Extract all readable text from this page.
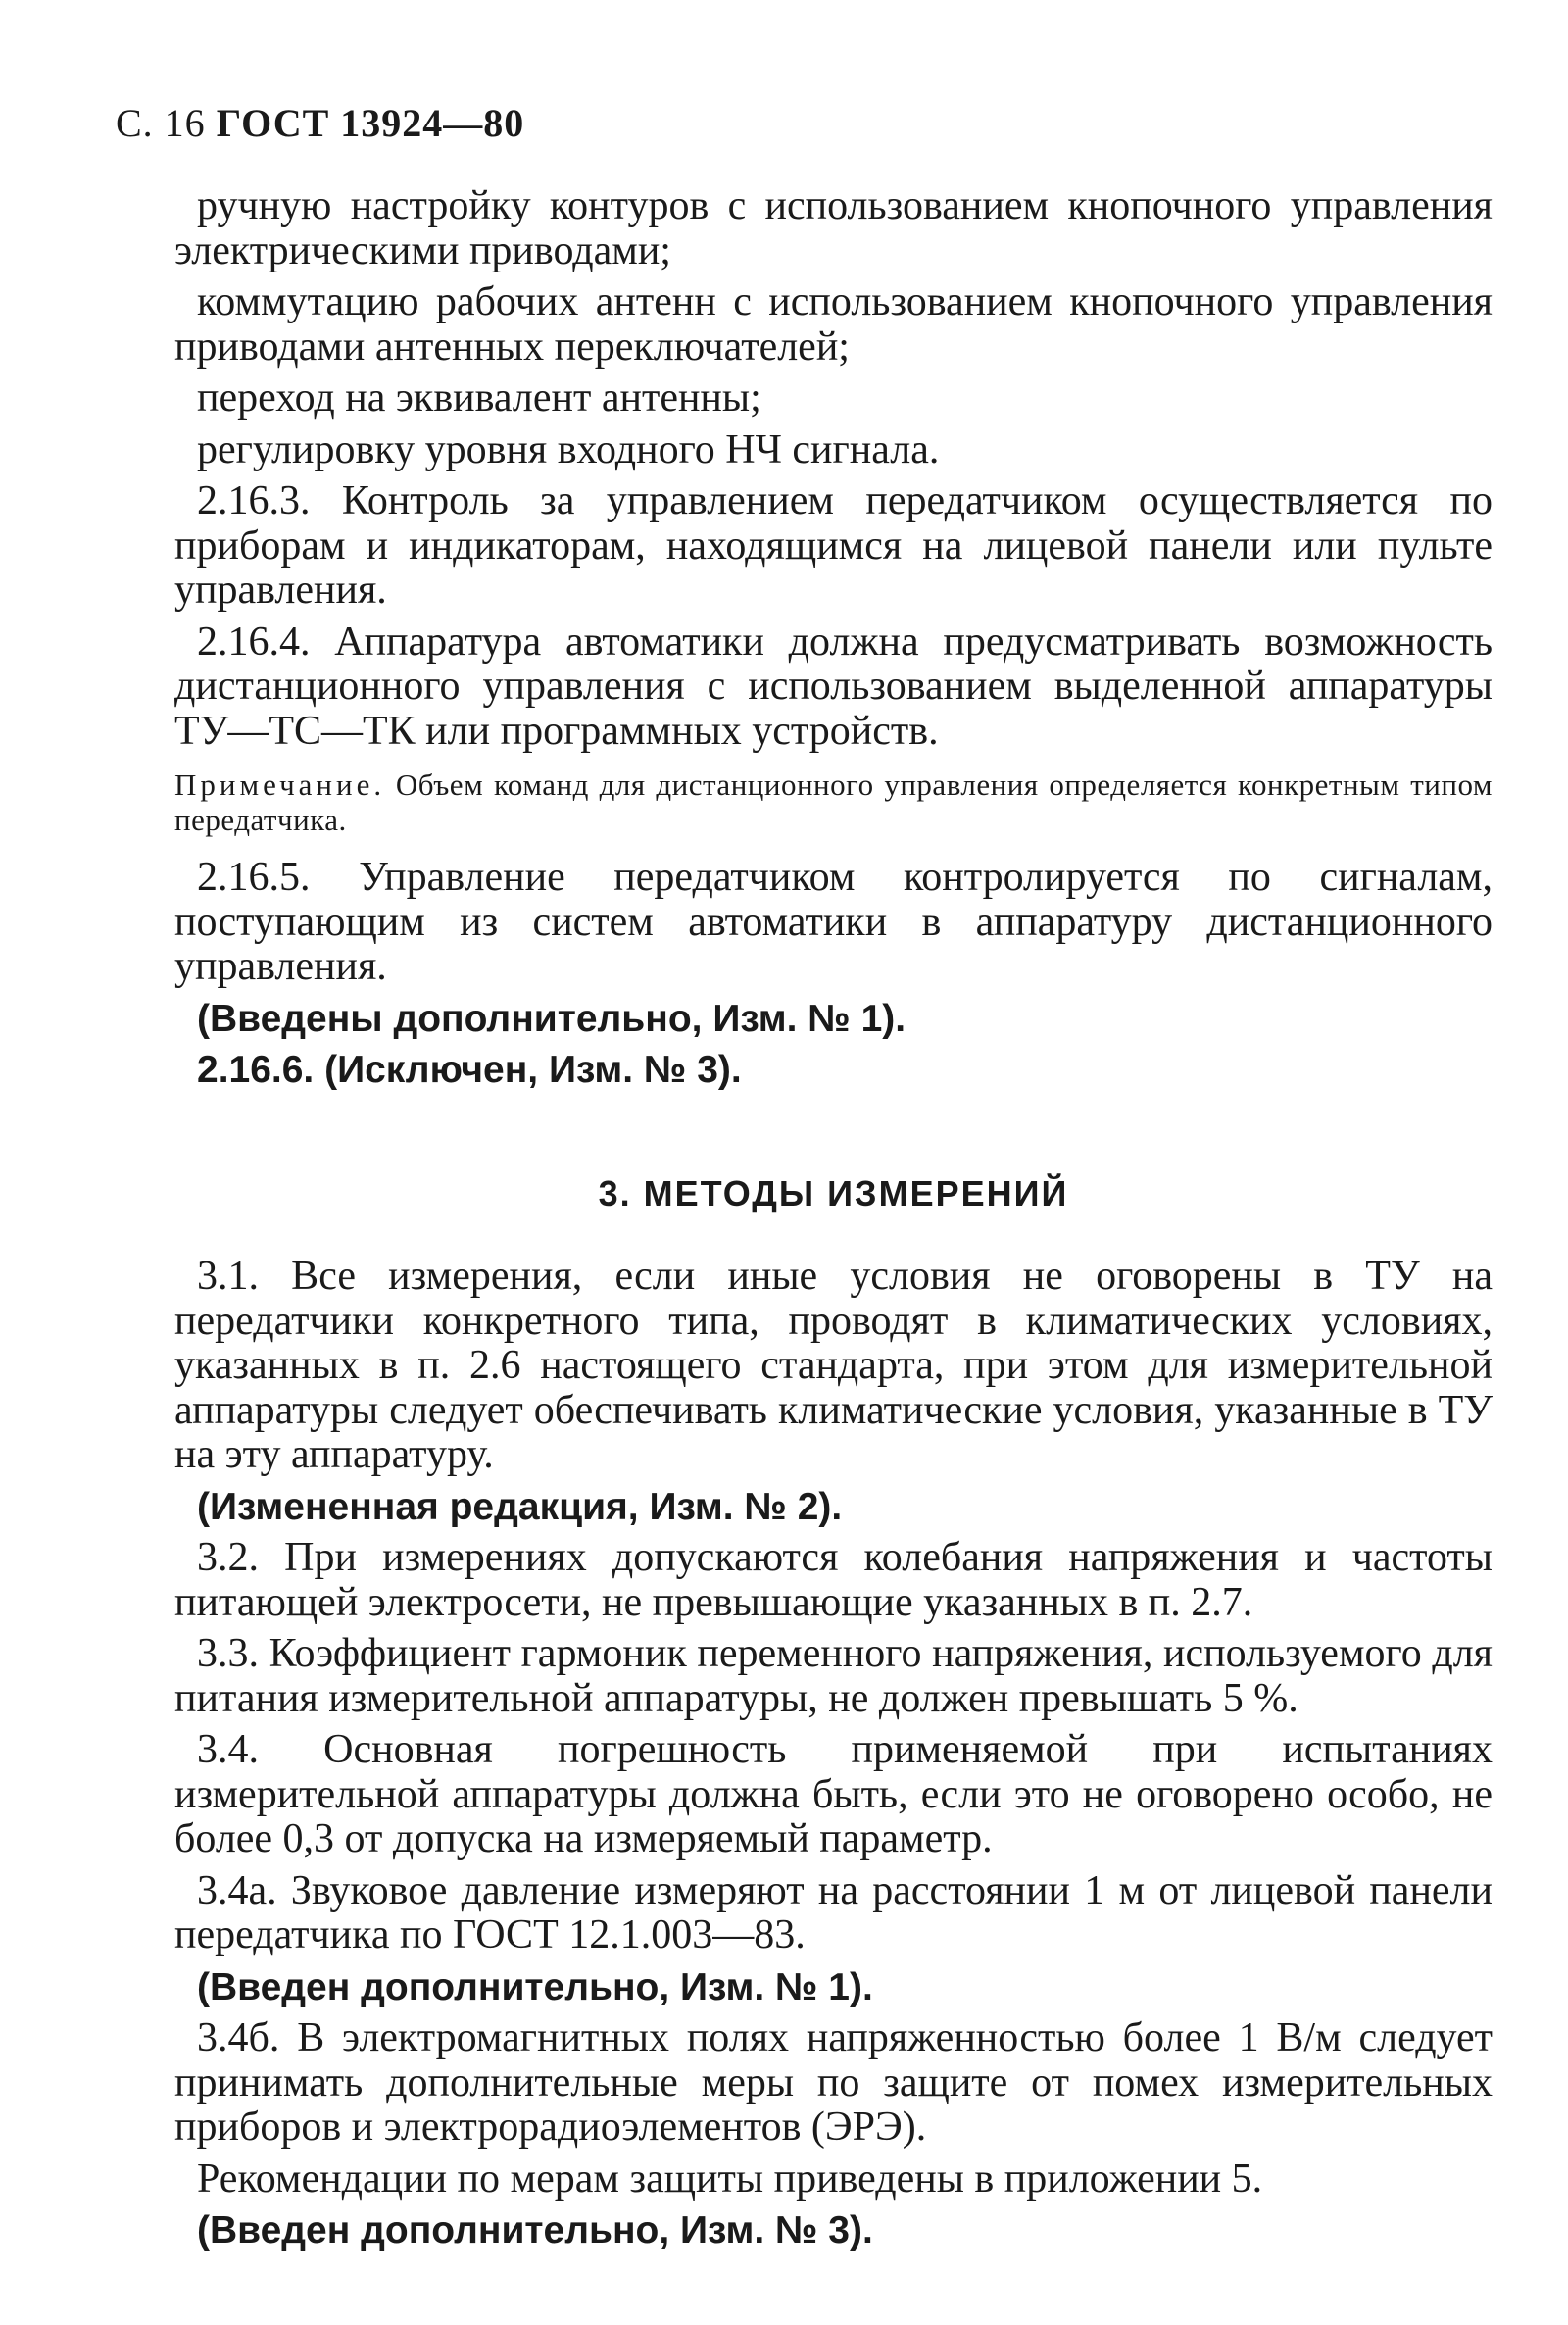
С. 16 ГОСТ 13924—80

ручную настройку контуров с использованием кнопочного управления электрическими приводами;

коммутацию рабочих антенн с использованием кнопочного управления приводами антенных переключателей;

переход на эквивалент антенны;

регулировку уровня входного НЧ сигнала.

2.16.3. Контроль за управлением передатчиком осуществляется по приборам и индикаторам, находящимся на лицевой панели или пульте управления.

2.16.4. Аппаратура автоматики должна предусматривать возможность дистанционного управления с использованием выделенной аппаратуры ТУ—ТС—ТК или программных устройств.

Примечание. Объем команд для дистанционного управления определяется конкретным типом передатчика.

2.16.5. Управление передатчиком контролируется по сигналам, поступающим из систем автоматики в аппаратуру дистанционного управления.

(Введены дополнительно, Изм. № 1).

2.16.6. (Исключен, Изм. № 3).

3. МЕТОДЫ ИЗМЕРЕНИЙ

3.1. Все измерения, если иные условия не оговорены в ТУ на передатчики конкретного типа, проводят в климатических условиях, указанных в п. 2.6 настоящего стандарта, при этом для измерительной аппаратуры следует обеспечивать климатические условия, указанные в ТУ на эту аппаратуру.

(Измененная редакция, Изм. № 2).

3.2. При измерениях допускаются колебания напряжения и частоты питающей электросети, не превышающие указанных в п. 2.7.

3.3. Коэффициент гармоник переменного напряжения, используемого для питания измерительной аппаратуры, не должен превышать 5 %.

3.4. Основная погрешность применяемой при испытаниях измерительной аппаратуры должна быть, если это не оговорено особо, не более 0,3 от допуска на измеряемый параметр.

3.4а. Звуковое давление измеряют на расстоянии 1 м от лицевой панели передатчика по ГОСТ 12.1.003—83.

(Введен дополнительно, Изм. № 1).

3.4б. В электромагнитных полях напряженностью более 1 В/м следует принимать дополнительные меры по защите от помех измерительных приборов и электрорадиоэлементов (ЭРЭ).

Рекомендации по мерам защиты приведены в приложении 5.

(Введен дополнительно, Изм. № 3).
